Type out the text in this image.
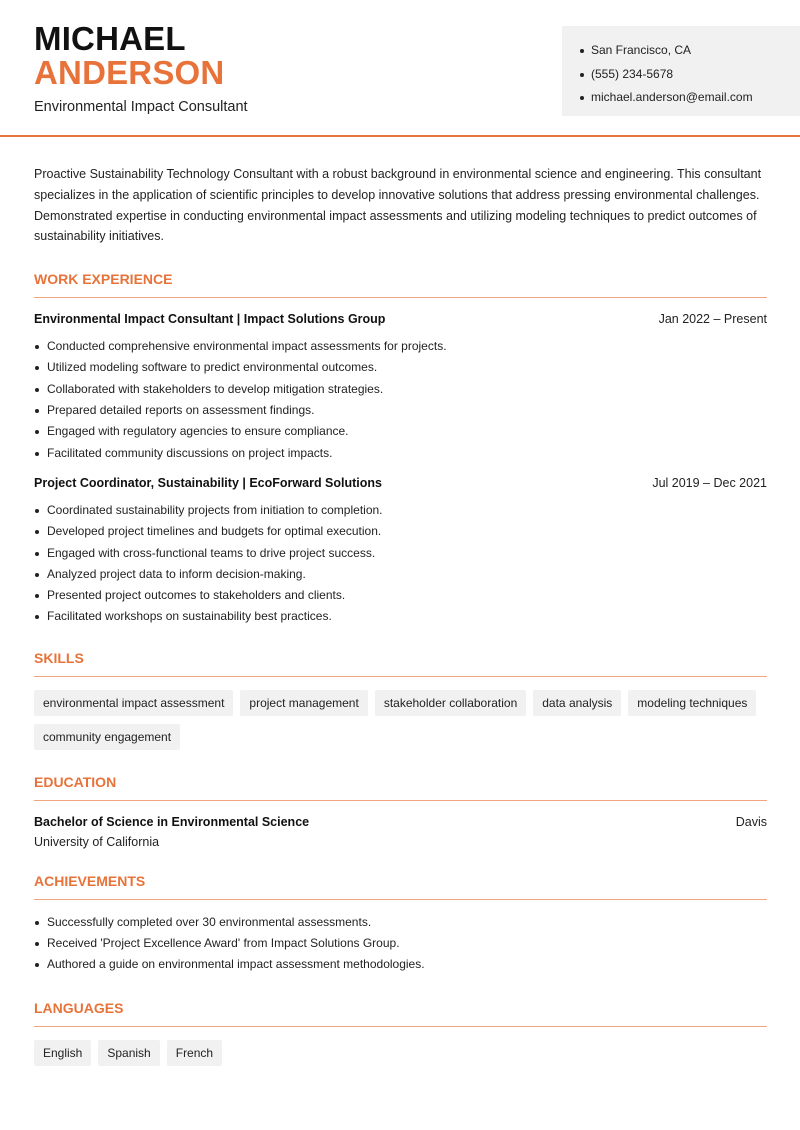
MICHAEL
ANDERSON
Environmental Impact Consultant
San Francisco, CA
(555) 234-5678
michael.anderson@email.com

Proactive Sustainability Technology Consultant with a robust background in environmental science and engineering. This consultant specializes in the application of scientific principles to develop innovative solutions that address pressing environmental challenges. Demonstrated expertise in conducting environmental impact assessments and utilizing modeling techniques to predict outcomes of sustainability initiatives.

WORK EXPERIENCE
Environmental Impact Consultant | Impact Solutions Group	Jan 2022 – Present
Conducted comprehensive environmental impact assessments for projects.
Utilized modeling software to predict environmental outcomes.
Collaborated with stakeholders to develop mitigation strategies.
Prepared detailed reports on assessment findings.
Engaged with regulatory agencies to ensure compliance.
Facilitated community discussions on project impacts.
Project Coordinator, Sustainability | EcoForward Solutions	Jul 2019 – Dec 2021
Coordinated sustainability projects from initiation to completion.
Developed project timelines and budgets for optimal execution.
Engaged with cross-functional teams to drive project success.
Analyzed project data to inform decision-making.
Presented project outcomes to stakeholders and clients.
Facilitated workshops on sustainability best practices.
SKILLS
environmental impact assessment	project management	stakeholder collaboration	data analysis	modeling techniques
community engagement
EDUCATION
Bachelor of Science in Environmental Science	Davis
University of California
ACHIEVEMENTS
Successfully completed over 30 environmental assessments.
Received 'Project Excellence Award' from Impact Solutions Group.
Authored a guide on environmental impact assessment methodologies.
LANGUAGES
English	Spanish	French
